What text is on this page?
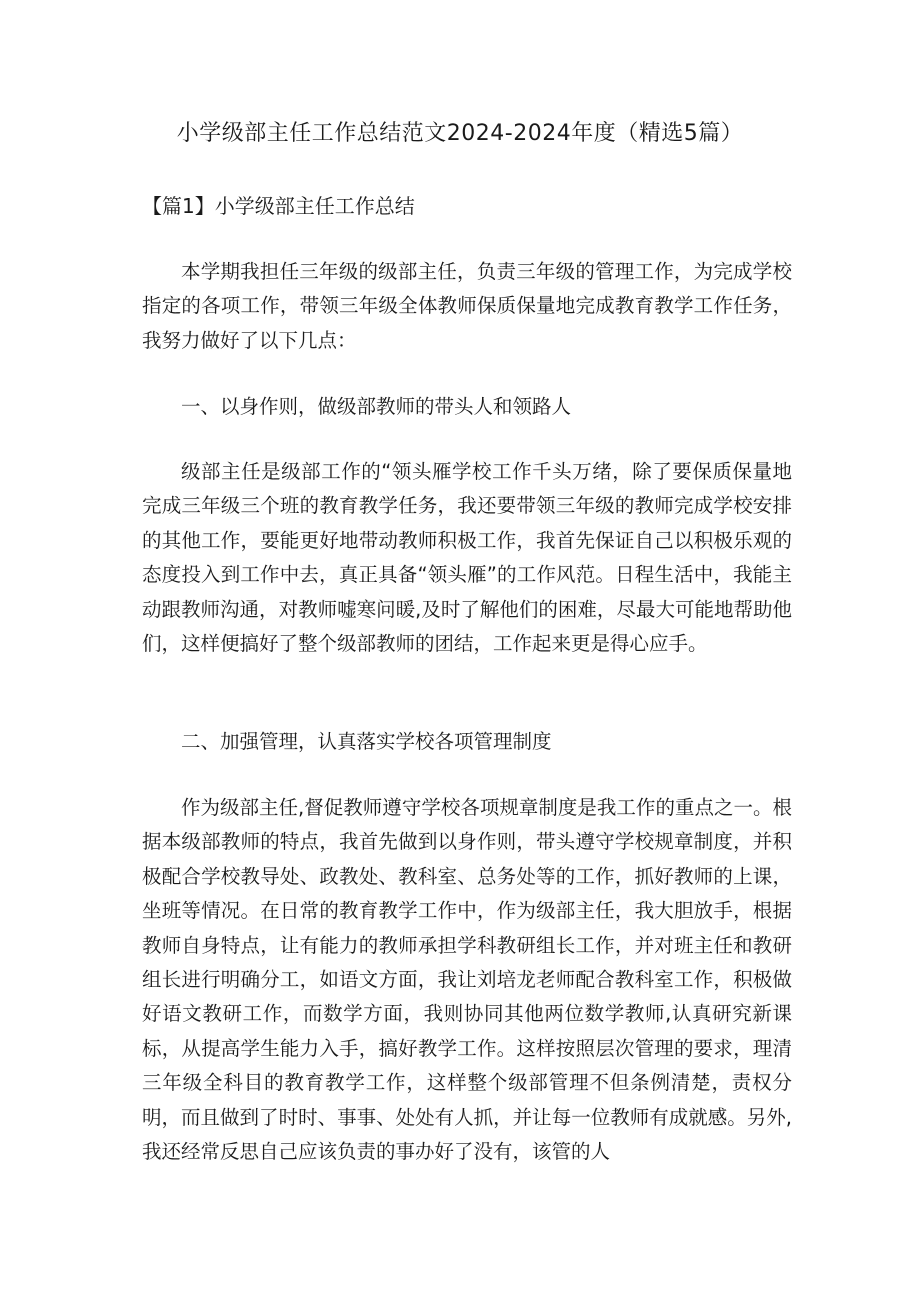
小学级部主任工作总结范文2024-2024年度（精选5篇）
【篇1】小学级部主任工作总结

本学期我担任三年级的级部主任，负责三年级的管理工作，为完成学校指定的各项工作，带领三年级全体教师保质保量地完成教育教学工作任务，我努力做好了以下几点：

一、以身作则，做级部教师的带头人和领路人

级部主任是级部工作的“领头雁学校工作千头万绪，除了要保质保量地完成三年级三个班的教育教学任务，我还要带领三年级的教师完成学校安排的其他工作，要能更好地带动教师积极工作，我首先保证自己以积极乐观的态度投入到工作中去，真正具备“领头雁”的工作风范。日程生活中，我能主动跟教师沟通，对教师嘘寒问暖,及时了解他们的困难，尽最大可能地帮助他们，这样便搞好了整个级部教师的团结，工作起来更是得心应手。

二、加强管理，认真落实学校各项管理制度

作为级部主任,督促教师遵守学校各项规章制度是我工作的重点之一。根据本级部教师的特点，我首先做到以身作则，带头遵守学校规章制度，并积极配合学校教导处、政教处、教科室、总务处等的工作，抓好教师的上课，坐班等情况。在日常的教育教学工作中，作为级部主任，我大胆放手，根据教师自身特点，让有能力的教师承担学科教研组长工作，并对班主任和教研组长进行明确分工，如语文方面，我让刘培龙老师配合教科室工作，积极做好语文教研工作，而数学方面，我则协同其他两位数学教师,认真研究新课标，从提高学生能力入手，搞好教学工作。这样按照层次管理的要求，理清三年级全科目的教育教学工作，这样整个级部管理不但条例清楚，责权分明，而且做到了时时、事事、处处有人抓，并让每一位教师有成就感。另外,我还经常反思自己应该负责的事办好了没有，该管的人
